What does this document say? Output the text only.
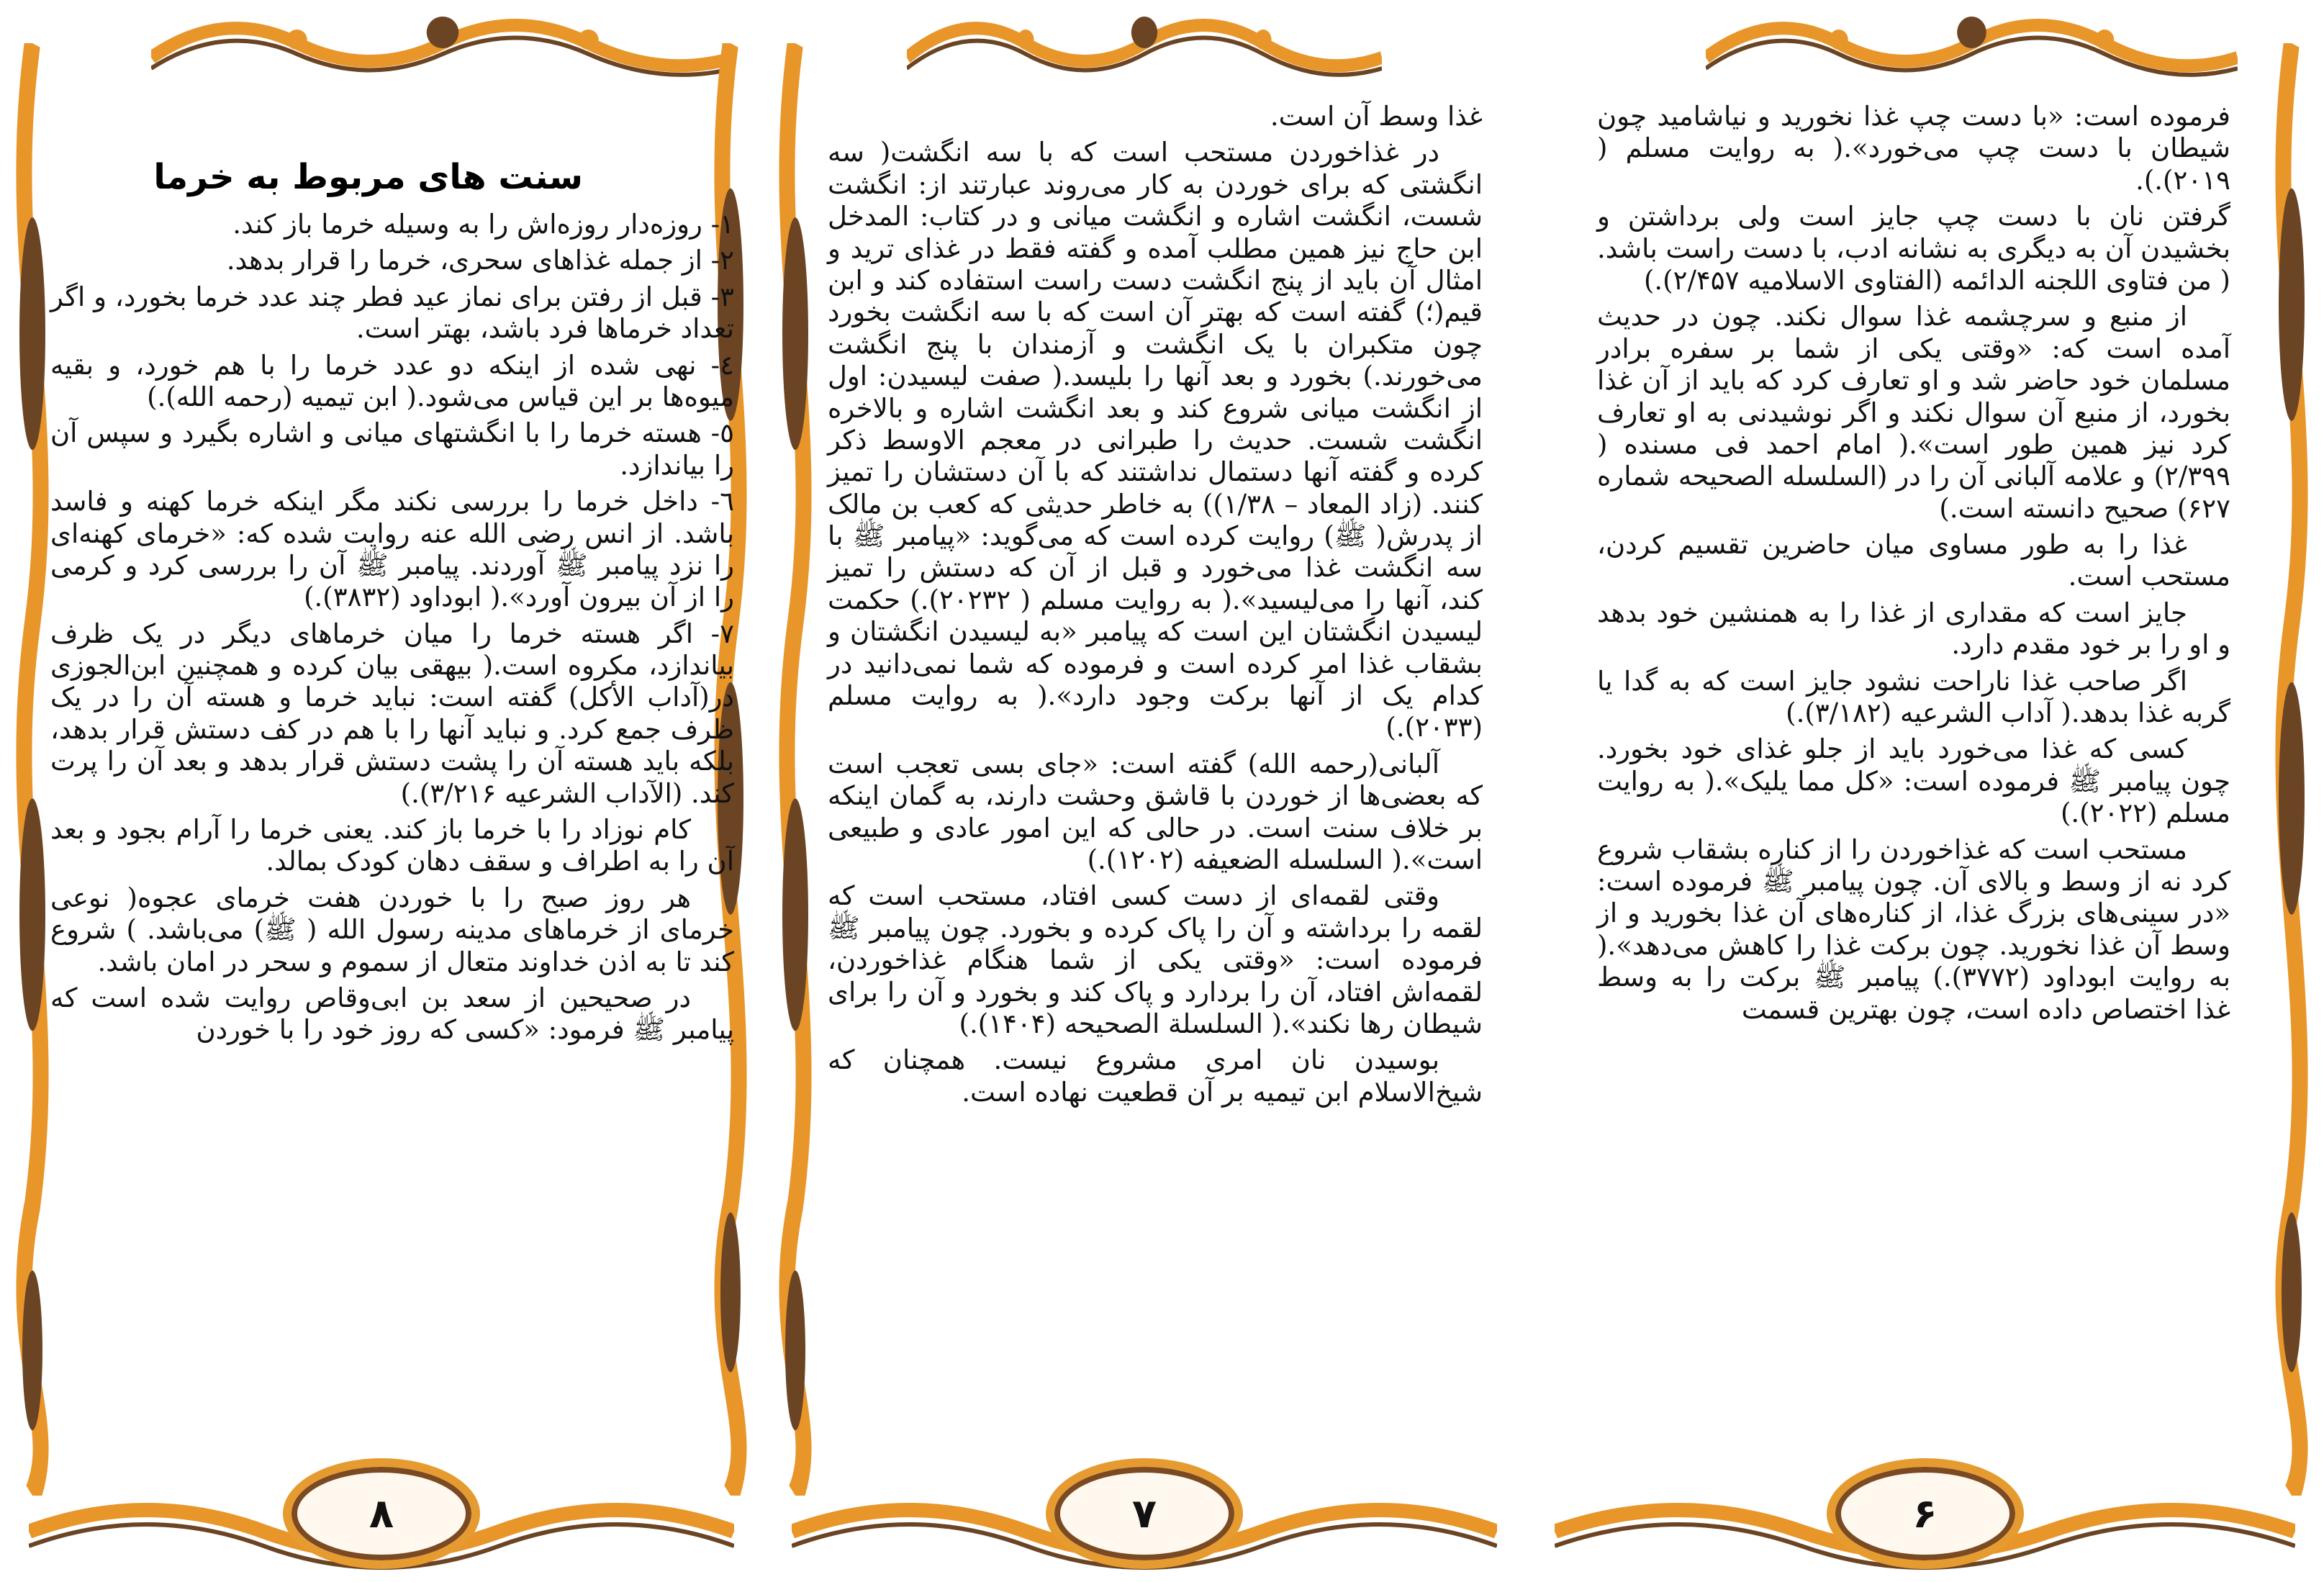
سنت های مربوط به خرما

۱- روزه‌دار روزه‌اش را به وسیله خرما باز کند.

۲- از جمله غذاهای سحری، خرما را قرار بدهد.

۳- قبل از رفتن برای نماز عید فطر چند عدد خرما بخورد، و اگر تعداد خرماها فرد باشد، بهتر است.

٤- نهی شده از اینکه دو عدد خرما را با هم خورد، و بقیه میوه‌ها بر این قیاس می‌شود.( ابن تیمیه (رحمه الله).)

٥- هسته خرما را با انگشتهای میانی و اشاره بگیرد و سپس آن را بیاندازد.

٦- داخل خرما را بررسی نکند مگر اینکه خرما کهنه و فاسد باشد. از انس رضی الله عنه روایت شده که: «خرمای کهنه‌ای را نزد پیامبر ﷺ آوردند. پیامبر ﷺ آن را بررسی کرد و کرمی را از آن بیرون آورد».( ابوداود (۳۸۳۲).)

۷- اگر هسته خرما را میان خرماهای دیگر در یک ظرف بیاندازد، مکروه است.( بیهقی بیان کرده و همچنین ابن‌الجوزی در(آداب الأکل) گفته است: نباید خرما و هسته آن را در یک ظرف جمع کرد. و نباید آنها را با هم در کف دستش قرار بدهد، بلکه باید هسته آن را پشت دستش قرار بدهد و بعد آن را پرت کند. (الآداب الشرعیه ۳/۲۱۶).)

کام نوزاد را با خرما باز کند. یعنی خرما را آرام بجود و بعد آن را به اطراف و سقف دهان کودک بمالد.

هر روز صبح را با خوردن هفت خرمای عجوه( نوعی خرمای از خرماهای مدینه رسول الله ( ﷺ) می‌باشد. ) شروع کند تا به اذن خداوند متعال از سموم و سحر در امان باشد.

در صحیحین از سعد بن ابی‌وقاص روایت شده است که پیامبر ﷺ فرمود: «کسی که روز خود را با خوردن

۸

غذا وسط آن است.

در غذاخوردن مستحب است که با سه انگشت( سه انگشتی که برای خوردن به کار می‌روند عبارتند از: انگشت شست، انگشت اشاره و انگشت میانی و در کتاب: المدخل ابن حاج نیز همین مطلب آمده و گفته فقط در غذای ترید و امثال آن باید از پنج انگشت دست راست استفاده کند و ابن قیم(؛) گفته است که بهتر آن است که با سه انگشت بخورد چون متکبران با یک انگشت و آزمندان با پنج انگشت می‌خورند.) بخورد و بعد آنها را بلیسد.( صفت لیسیدن: اول از انگشت میانی شروع کند و بعد انگشت اشاره و بالاخره انگشت شست. حدیث را طبرانی در معجم الاوسط ذکر کرده و گفته آنها دستمال نداشتند که با آن دستشان را تمیز کنند. (زاد المعاد – ۱/۳۸)) به خاطر حدیثی که کعب بن مالک از پدرش( ﷺ) روایت کرده است که می‌گوید: «پیامبر ﷺ با سه انگشت غذا می‌خورد و قبل از آن که دستش را تمیز کند، آنها را می‌لیسید».( به روایت مسلم ( ۲۰۲۳۲).) حکمت لیسیدن انگشتان این است که پیامبر «به لیسیدن انگشتان و بشقاب غذا امر کرده است و فرموده که شما نمی‌دانید در کدام یک از آنها برکت وجود دارد».( به روایت مسلم (۲۰۳۳).)

آلبانی(رحمه الله) گفته است: «جای بسی تعجب است که بعضی‌ها از خوردن با قاشق وحشت دارند، به گمان اینکه بر خلاف سنت است. در حالی که این امور عادی و طبیعی است».( السلسله الضعیفه (۱۲۰۲).)

وقتی لقمه‌ای از دست کسی افتاد، مستحب است که لقمه را برداشته و آن را پاک کرده و بخورد. چون پیامبر ﷺ فرموده است: «وقتی یکی از شما هنگام غذاخوردن، لقمه‌اش افتاد، آن را بردارد و پاک کند و بخورد و آن را برای شیطان رها نکند».( السلسلة الصحیحه (۱۴۰۴).)

بوسیدن نان امری مشروع نیست. همچنان که شیخ‌الاسلام ابن تیمیه بر آن قطعیت نهاده است.

۷

فرموده است: «با دست چپ غذا نخورید و نیاشامید چون شیطان با دست چپ می‌خورد».( به روایت مسلم ( ۲۰۱۹).).

گرفتن نان با دست چپ جایز است ولی برداشتن و بخشیدن آن به دیگری به نشانه ادب، با دست راست باشد.( من فتاوی اللجنه الدائمه (الفتاوی الاسلامیه ۲/۴۵۷).)

از منبع و سرچشمه غذا سوال نکند. چون در حدیث آمده است که: «وقتی یکی از شما بر سفره برادر مسلمان خود حاضر شد و او تعارف کرد که باید از آن غذا بخورد، از منبع آن سوال نکند و اگر نوشیدنی به او تعارف کرد نیز همین طور است».( امام احمد فی مسنده ( ۲/۳۹۹) و علامه آلبانی آن را در (السلسله الصحیحه شماره ۶۲۷) صحیح دانسته است.)

غذا را به طور مساوی میان حاضرین تقسیم کردن، مستحب است.

جایز است که مقداری از غذا را به همنشین خود بدهد و او را بر خود مقدم دارد.

اگر صاحب غذا ناراحت نشود جایز است که به گدا یا گربه غذا بدهد.( آداب الشرعیه (۳/۱۸۲).)

کسی که غذا می‌خورد باید از جلو غذای خود بخورد. چون پیامبر ﷺ فرموده است: «کل مما یلیک».( به روایت مسلم (۲۰۲۲).)

مستحب است که غذاخوردن را از کناره بشقاب شروع کرد نه از وسط و بالای آن. چون پیامبر ﷺ فرموده است: «در سینی‌های بزرگ غذا، از کناره‌های آن غذا بخورید و از وسط آن غذا نخورید. چون برکت غذا را کاهش می‌دهد».( به روایت ابوداود (۳۷۷۲).) پیامبر ﷺ برکت را به وسط غذا اختصاص داده است، چون بهترین قسمت

۶
